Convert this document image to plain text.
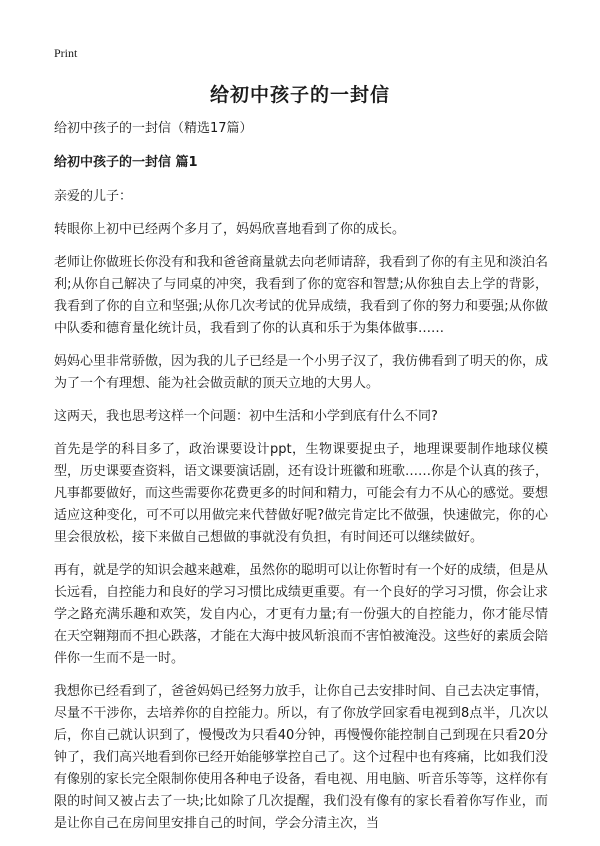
Print
给初中孩子的一封信

给初中孩子的一封信（精选17篇）

给初中孩子的一封信 篇1

亲爱的儿子：

转眼你上初中已经两个多月了，妈妈欣喜地看到了你的成长。

老师让你做班长你没有和我和爸爸商量就去向老师请辞，我看到了你的有主见和淡泊名利;从你自己解决了与同桌的冲突，我看到了你的宽容和智慧;从你独自去上学的背影，我看到了你的自立和坚强;从你几次考试的优异成绩，我看到了你的努力和要强;从你做中队委和德育量化统计员，我看到了你的认真和乐于为集体做事……

妈妈心里非常骄傲，因为我的儿子已经是一个小男子汉了，我仿佛看到了明天的你，成为了一个有理想、能为社会做贡献的顶天立地的大男人。

这两天，我也思考这样一个问题：初中生活和小学到底有什么不同?

首先是学的科目多了，政治课要设计ppt，生物课要捉虫子，地理课要制作地球仪模型，历史课要查资料，语文课要演话剧，还有设计班徽和班歌……你是个认真的孩子，凡事都要做好，而这些需要你花费更多的时间和精力，可能会有力不从心的感觉。要想适应这种变化，可不可以用做完来代替做好呢?做完肯定比不做强，快速做完，你的心里会很放松，接下来做自己想做的事就没有负担，有时间还可以继续做好。

再有，就是学的知识会越来越难，虽然你的聪明可以让你暂时有一个好的成绩，但是从长远看，自控能力和良好的学习习惯比成绩更重要。有一个良好的学习习惯，你会让求学之路充满乐趣和欢笑，发自内心，才更有力量;有一份强大的自控能力，你才能尽情在天空翱翔而不担心跌落，才能在大海中披风斩浪而不害怕被淹没。这些好的素质会陪伴你一生而不是一时。

我想你已经看到了，爸爸妈妈已经努力放手，让你自己去安排时间、自己去决定事情，尽量不干涉你，去培养你的自控能力。所以，有了你放学回家看电视到8点半，几次以后，你自己就认识到了，慢慢改为只看40分钟，再慢慢你能控制自己到现在只看20分钟了，我们高兴地看到你已经开始能够掌控自己了。这个过程中也有疼痛，比如我们没有像别的家长完全限制你使用各种电子设备，看电视、用电脑、听音乐等等，这样你有限的时间又被占去了一块;比如除了几次提醒，我们没有像有的家长看着你写作业，而是让你自己在房间里安排自己的时间，学会分清主次，当
